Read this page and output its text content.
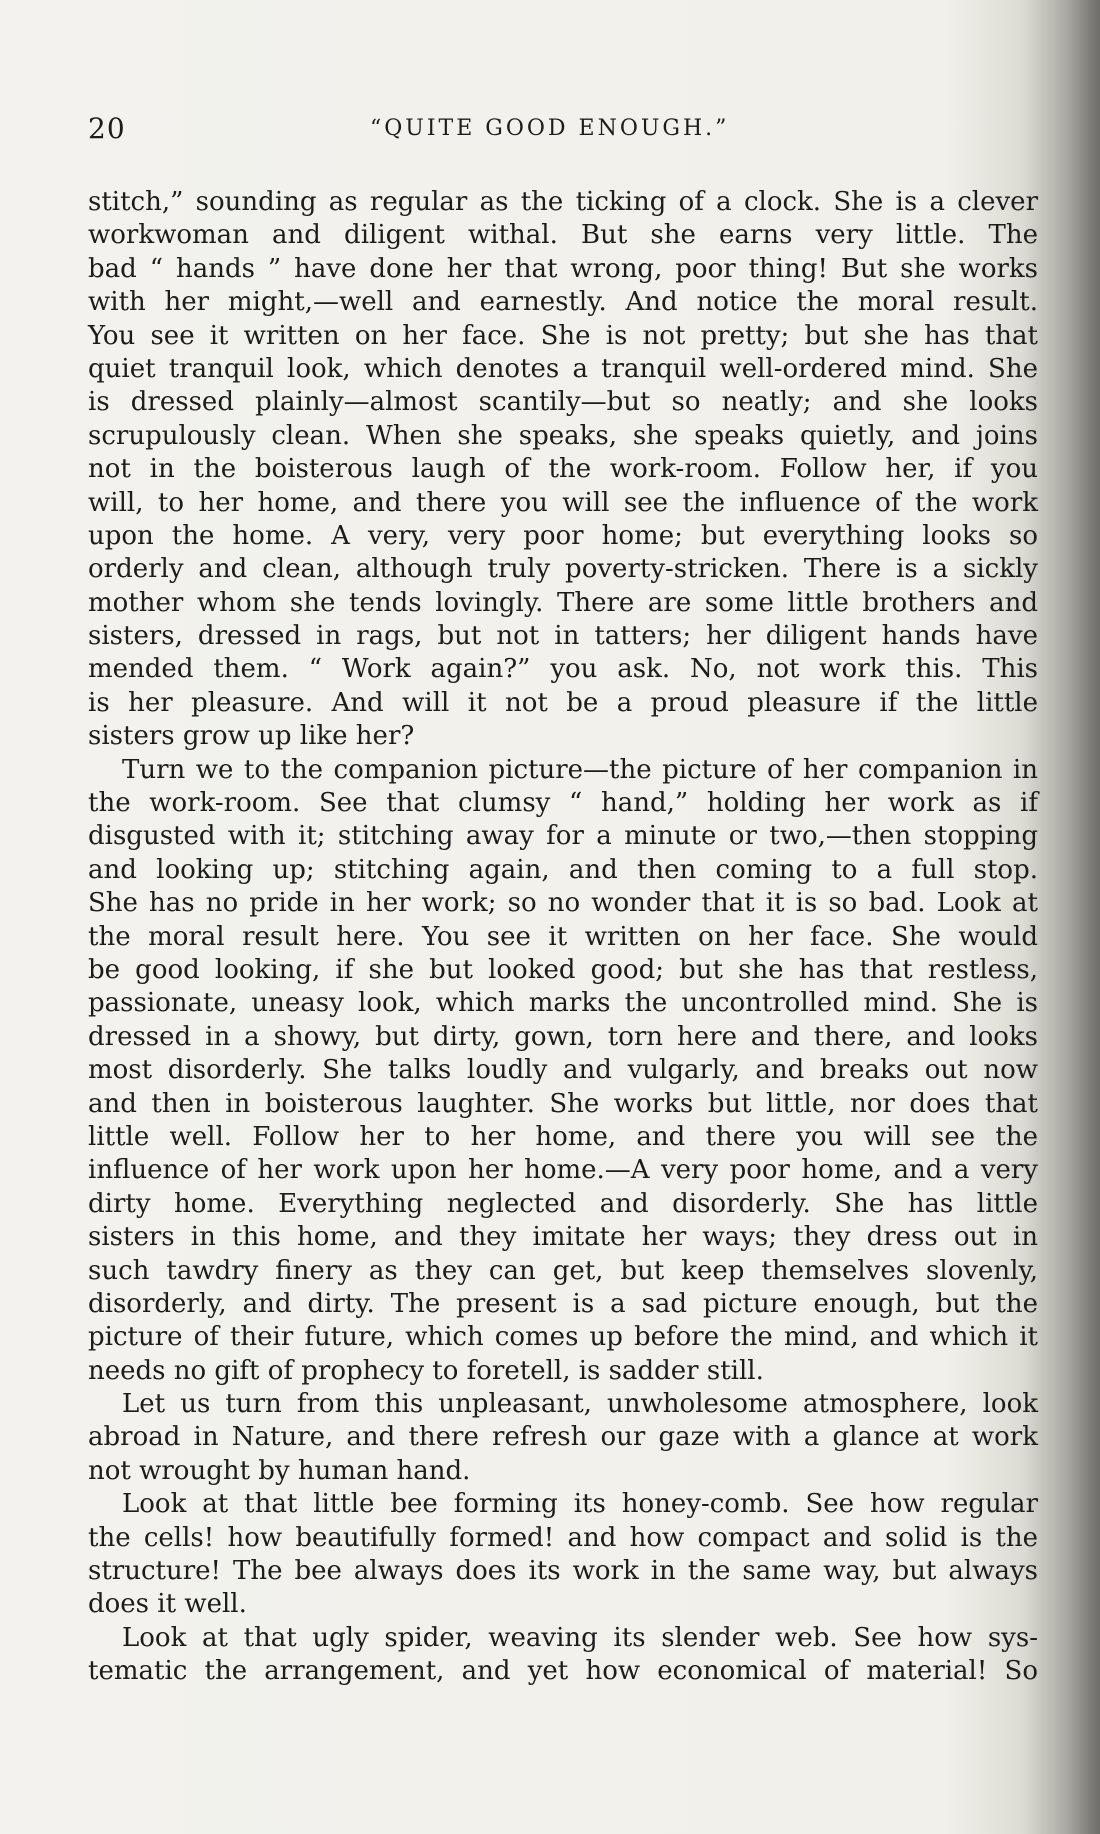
20	“QUITE GOOD ENOUGH.”
stitch,” sounding as regular as the ticking of a clock. She is a clever
workwoman and diligent withal. But she earns very little. The
bad “ hands ” have done her that wrong, poor thing! But she works
with her might,—well and earnestly. And notice the moral result.
You see it written on her face. She is not pretty; but she has that
quiet tranquil look, which denotes a tranquil well-ordered mind. She
is dressed plainly—almost scantily—but so neatly; and she looks
scrupulously clean. When she speaks, she speaks quietly, and joins
not in the boisterous laugh of the work-room. Follow her, if you
will, to her home, and there you will see the influence of the work
upon the home. A very, very poor home; but everything looks so
orderly and clean, although truly poverty-stricken. There is a sickly
mother whom she tends lovingly. There are some little brothers and
sisters, dressed in rags, but not in tatters; her diligent hands have
mended them. “ Work again?” you ask. No, not work this. This
is her pleasure. And will it not be a proud pleasure if the little
sisters grow up like her?
Turn we to the companion picture—the picture of her companion in
the work-room. See that clumsy “ hand,” holding her work as if
disgusted with it; stitching away for a minute or two,—then stopping
and looking up; stitching again, and then coming to a full stop.
She has no pride in her work; so no wonder that it is so bad. Look at
the moral result here. You see it written on her face. She would
be good looking, if she but looked good; but she has that restless,
passionate, uneasy look, which marks the uncontrolled mind. She is
dressed in a showy, but dirty, gown, torn here and there, and looks
most disorderly. She talks loudly and vulgarly, and breaks out now
and then in boisterous laughter. She works but little, nor does that
little well. Follow her to her home, and there you will see the
influence of her work upon her home.—A very poor home, and a very
dirty home. Everything neglected and disorderly. She has little
sisters in this home, and they imitate her ways; they dress out in
such tawdry finery as they can get, but keep themselves slovenly,
disorderly, and dirty. The present is a sad picture enough, but the
picture of their future, which comes up before the mind, and which it
needs no gift of prophecy to foretell, is sadder still.
Let us turn from this unpleasant, unwholesome atmosphere, look
abroad in Nature, and there refresh our gaze with a glance at work
not wrought by human hand.
Look at that little bee forming its honey-comb. See how regular
the cells! how beautifully formed! and how compact and solid is the
structure! The bee always does its work in the same way, but always
does it well.
Look at that ugly spider, weaving its slender web. See how sys-
tematic the arrangement, and yet how economical of material! So
